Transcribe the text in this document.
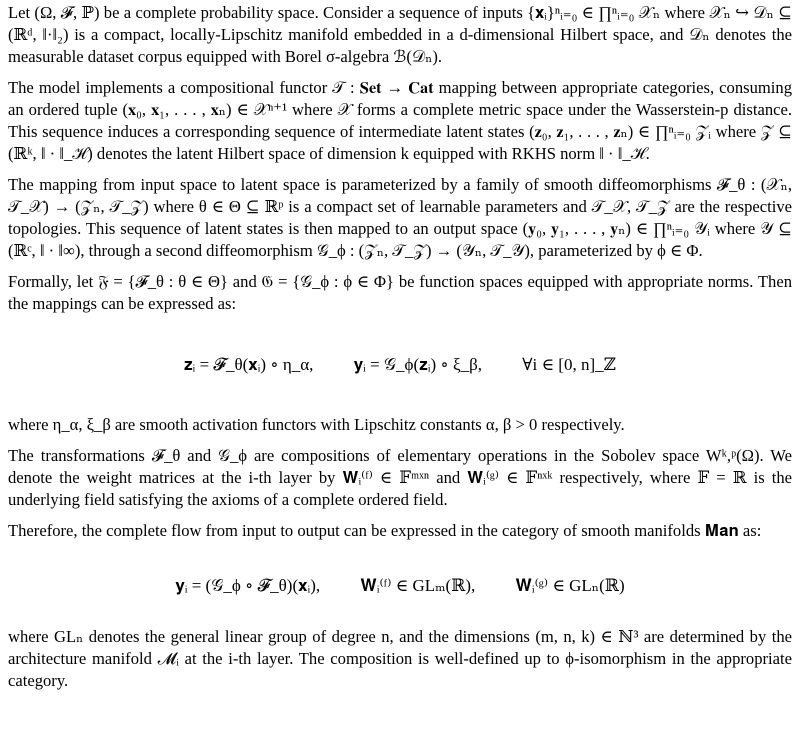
Let (Ω, 𝓕, ℙ) be a complete probability space. Consider a sequence of inputs {𝐱ᵢ}ⁿᵢ₌₀ ∈ ∏ⁿᵢ₌₀ 𝒳ₙ where 𝒳ₙ ↪ 𝒟ₙ ⊆ (ℝᵈ, ‖·‖₂) is a compact, locally-Lipschitz manifold embedded in a d-dimensional Hilbert space, and 𝒟ₙ denotes the measurable dataset corpus equipped with Borel σ-algebra ℬ(𝒟ₙ).

The model implements a compositional functor 𝒯 : 𝐒𝐞𝐭 → 𝐂𝐚𝐭 mapping between appropriate categories, consuming an ordered tuple (𝐱₀, 𝐱₁, . . . , 𝐱ₙ) ∈ 𝒳ⁿ⁺¹ where 𝒳 forms a complete metric space under the Wasserstein-p distance. This sequence induces a corresponding sequence of intermediate latent states (𝐳₀, 𝐳₁, . . . , 𝐳ₙ) ∈ ∏ⁿᵢ₌₀ 𝒵ᵢ where 𝒵 ⊆ (ℝᵏ, ‖ · ‖_ℋ) denotes the latent Hilbert space of dimension k equipped with RKHS norm ‖ · ‖_ℋ.

The mapping from input space to latent space is parameterized by a family of smooth diffeomorphisms 𝓕_θ : (𝒳ₙ, 𝒯_𝒳) → (𝒵ₙ, 𝒯_𝒵) where θ ∈ Θ ⊆ ℝᵖ is a compact set of learnable parameters and 𝒯_𝒳, 𝒯_𝒵 are the respective topologies. This sequence of latent states is then mapped to an output space (𝐲₀, 𝐲₁, . . . , 𝐲ₙ) ∈ ∏ⁿᵢ₌₀ 𝒴ᵢ where 𝒴 ⊆ (ℝᶜ, ‖ · ‖∞), through a second diffeomorphism 𝒢_ϕ : (𝒵ₙ, 𝒯_𝒵) → (𝒴ₙ, 𝒯_𝒴), parameterized by ϕ ∈ Φ.

Formally, let 𝔉 = {𝓕_θ : θ ∈ Θ} and 𝔊 = {𝒢_ϕ : ϕ ∈ Φ} be function spaces equipped with appropriate norms. Then the mappings can be expressed as:

𝐳ᵢ = 𝓕_θ(𝐱ᵢ) ∘ η_α, 𝐲ᵢ = 𝒢_ϕ(𝐳ᵢ) ∘ ξ_β, ∀i ∈ [0, n]_ℤ

where η_α, ξ_β are smooth activation functors with Lipschitz constants α, β > 0 respectively.

The transformations 𝓕_θ and 𝒢_ϕ are compositions of elementary operations in the Sobolev space Wᵏ,ᵖ(Ω). We denote the weight matrices at the i-th layer by 𝐖ᵢ⁽ᶠ⁾ ∈ 𝔽ᵐˣⁿ and 𝐖ᵢ⁽ᵍ⁾ ∈ 𝔽ⁿˣᵏ respectively, where 𝔽 = ℝ is the underlying field satisfying the axioms of a complete ordered field.

Therefore, the complete flow from input to output can be expressed in the category of smooth manifolds 𝐌𝐚𝐧 as:

𝐲ᵢ = (𝒢_ϕ ∘ 𝓕_θ)(𝐱ᵢ), 𝐖ᵢ⁽ᶠ⁾ ∈ GLₘ(ℝ), 𝐖ᵢ⁽ᵍ⁾ ∈ GLₙ(ℝ)

where GLₙ denotes the general linear group of degree n, and the dimensions (m, n, k) ∈ ℕ³ are determined by the architecture manifold 𝓜ᵢ at the i-th layer. The composition is well-defined up to ϕ-isomorphism in the appropriate category.
